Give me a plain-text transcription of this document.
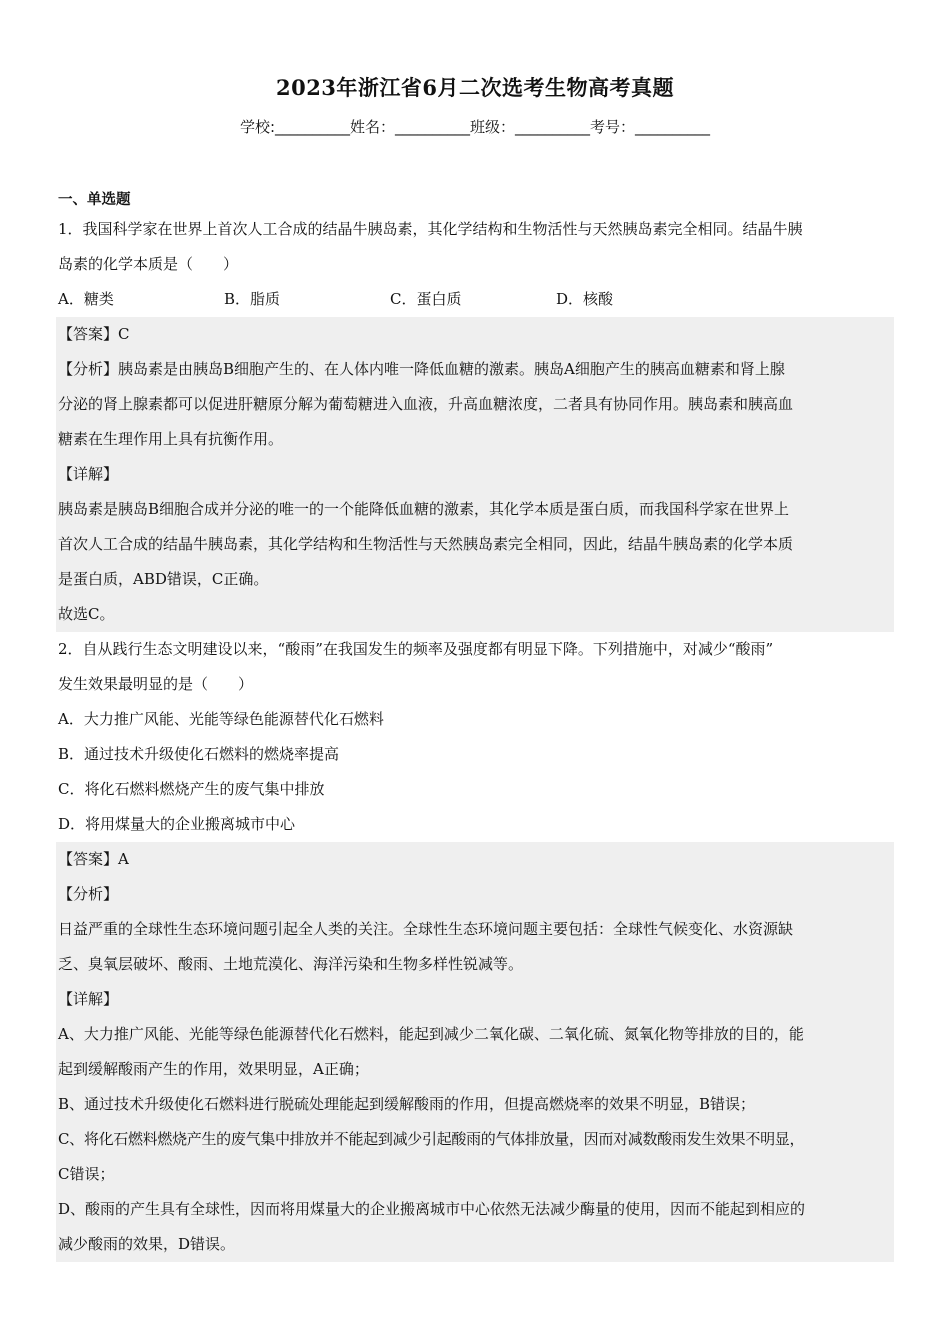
2023年浙江省6月二次选考生物高考真题
学校:__________姓名：__________班级：__________考号：__________
一、单选题
1．我国科学家在世界上首次人工合成的结晶牛胰岛素，其化学结构和生物活性与天然胰岛素完全相同。结晶牛胰
岛素的化学本质是（　　）
A．糖类	B．脂质	C．蛋白质	D．核酸
【答案】C
【分析】胰岛素是由胰岛B细胞产生的、在人体内唯一降低血糖的激素。胰岛A细胞产生的胰高血糖素和肾上腺
分泌的肾上腺素都可以促进肝糖原分解为葡萄糖进入血液，升高血糖浓度，二者具有协同作用。胰岛素和胰高血
糖素在生理作用上具有抗衡作用。
【详解】
胰岛素是胰岛B细胞合成并分泌的唯一的一个能降低血糖的激素，其化学本质是蛋白质，而我国科学家在世界上
首次人工合成的结晶牛胰岛素，其化学结构和生物活性与天然胰岛素完全相同，因此，结晶牛胰岛素的化学本质
是蛋白质，ABD错误，C正确。
故选C。
2．自从践行生态文明建设以来，“酸雨”在我国发生的频率及强度都有明显下降。下列措施中，对减少“酸雨”
发生效果最明显的是（　　）
A．大力推广风能、光能等绿色能源替代化石燃料
B．通过技术升级使化石燃料的燃烧率提高
C．将化石燃料燃烧产生的废气集中排放
D．将用煤量大的企业搬离城市中心
【答案】A
【分析】
日益严重的全球性生态环境问题引起全人类的关注。全球性生态环境问题主要包括：全球性气候变化、水资源缺
乏、臭氧层破坏、酸雨、土地荒漠化、海洋污染和生物多样性锐减等。
【详解】
A、大力推广风能、光能等绿色能源替代化石燃料，能起到减少二氧化碳、二氧化硫、氮氧化物等排放的目的，能
起到缓解酸雨产生的作用，效果明显，A正确；
B、通过技术升级使化石燃料进行脱硫处理能起到缓解酸雨的作用，但提高燃烧率的效果不明显，B错误；
C、将化石燃料燃烧产生的废气集中排放并不能起到减少引起酸雨的气体排放量，因而对减数酸雨发生效果不明显，
C错误；
D、酸雨的产生具有全球性，因而将用煤量大的企业搬离城市中心依然无法减少酶量的使用，因而不能起到相应的
减少酸雨的效果，D错误。
